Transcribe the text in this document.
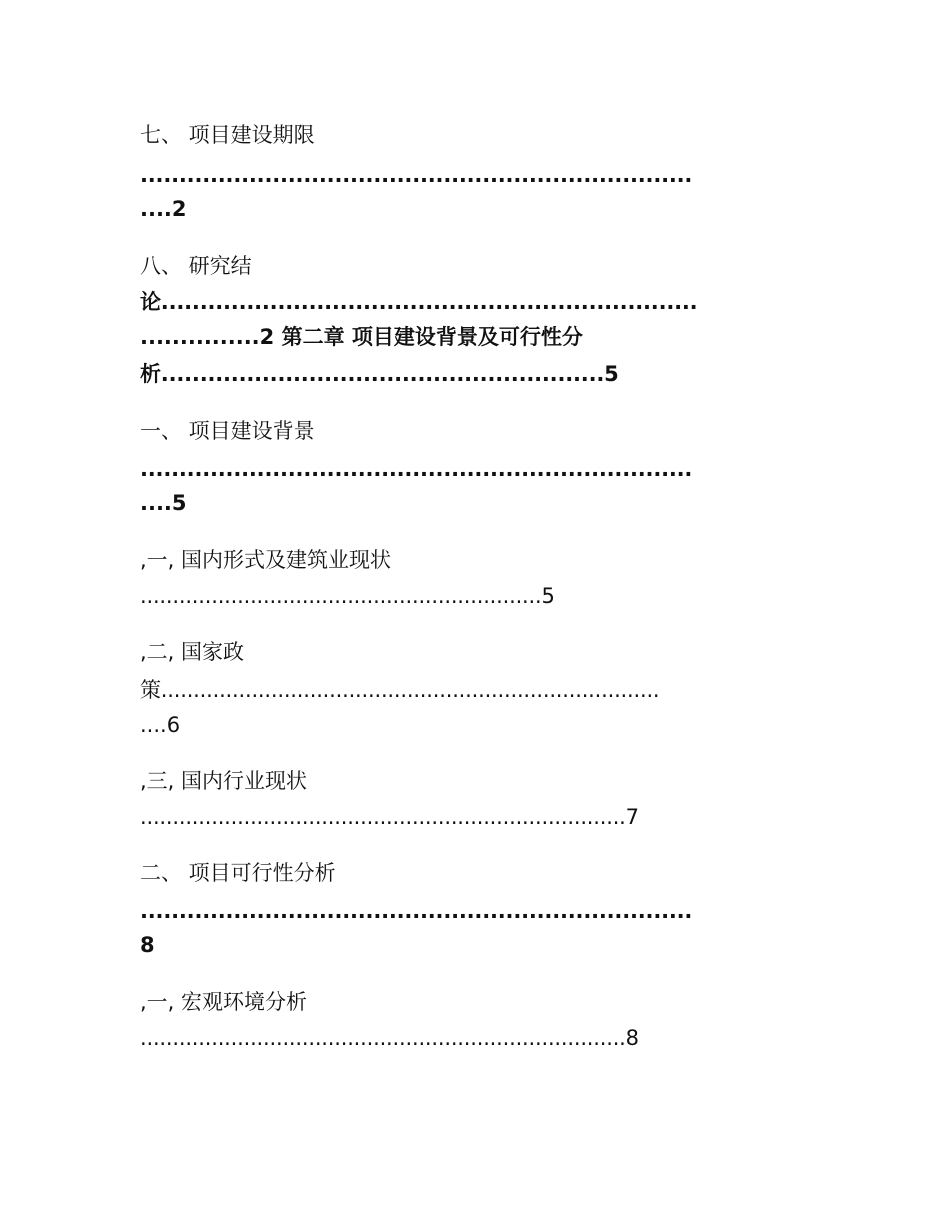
七、 项目建设期限
.......................................................................
....2
八、 研究结
论.....................................................................
...............2 第二章 项目建设背景及可行性分
析.........................................................5
一、 项目建设背景
.......................................................................
....5
,一, 国内形式及建筑业现状
..............................................................5
,二, 国家政
策.............................................................................
....6
,三, 国内行业现状
...........................................................................7
二、 项目可行性分析
.......................................................................
8
,一, 宏观环境分析
...........................................................................8
